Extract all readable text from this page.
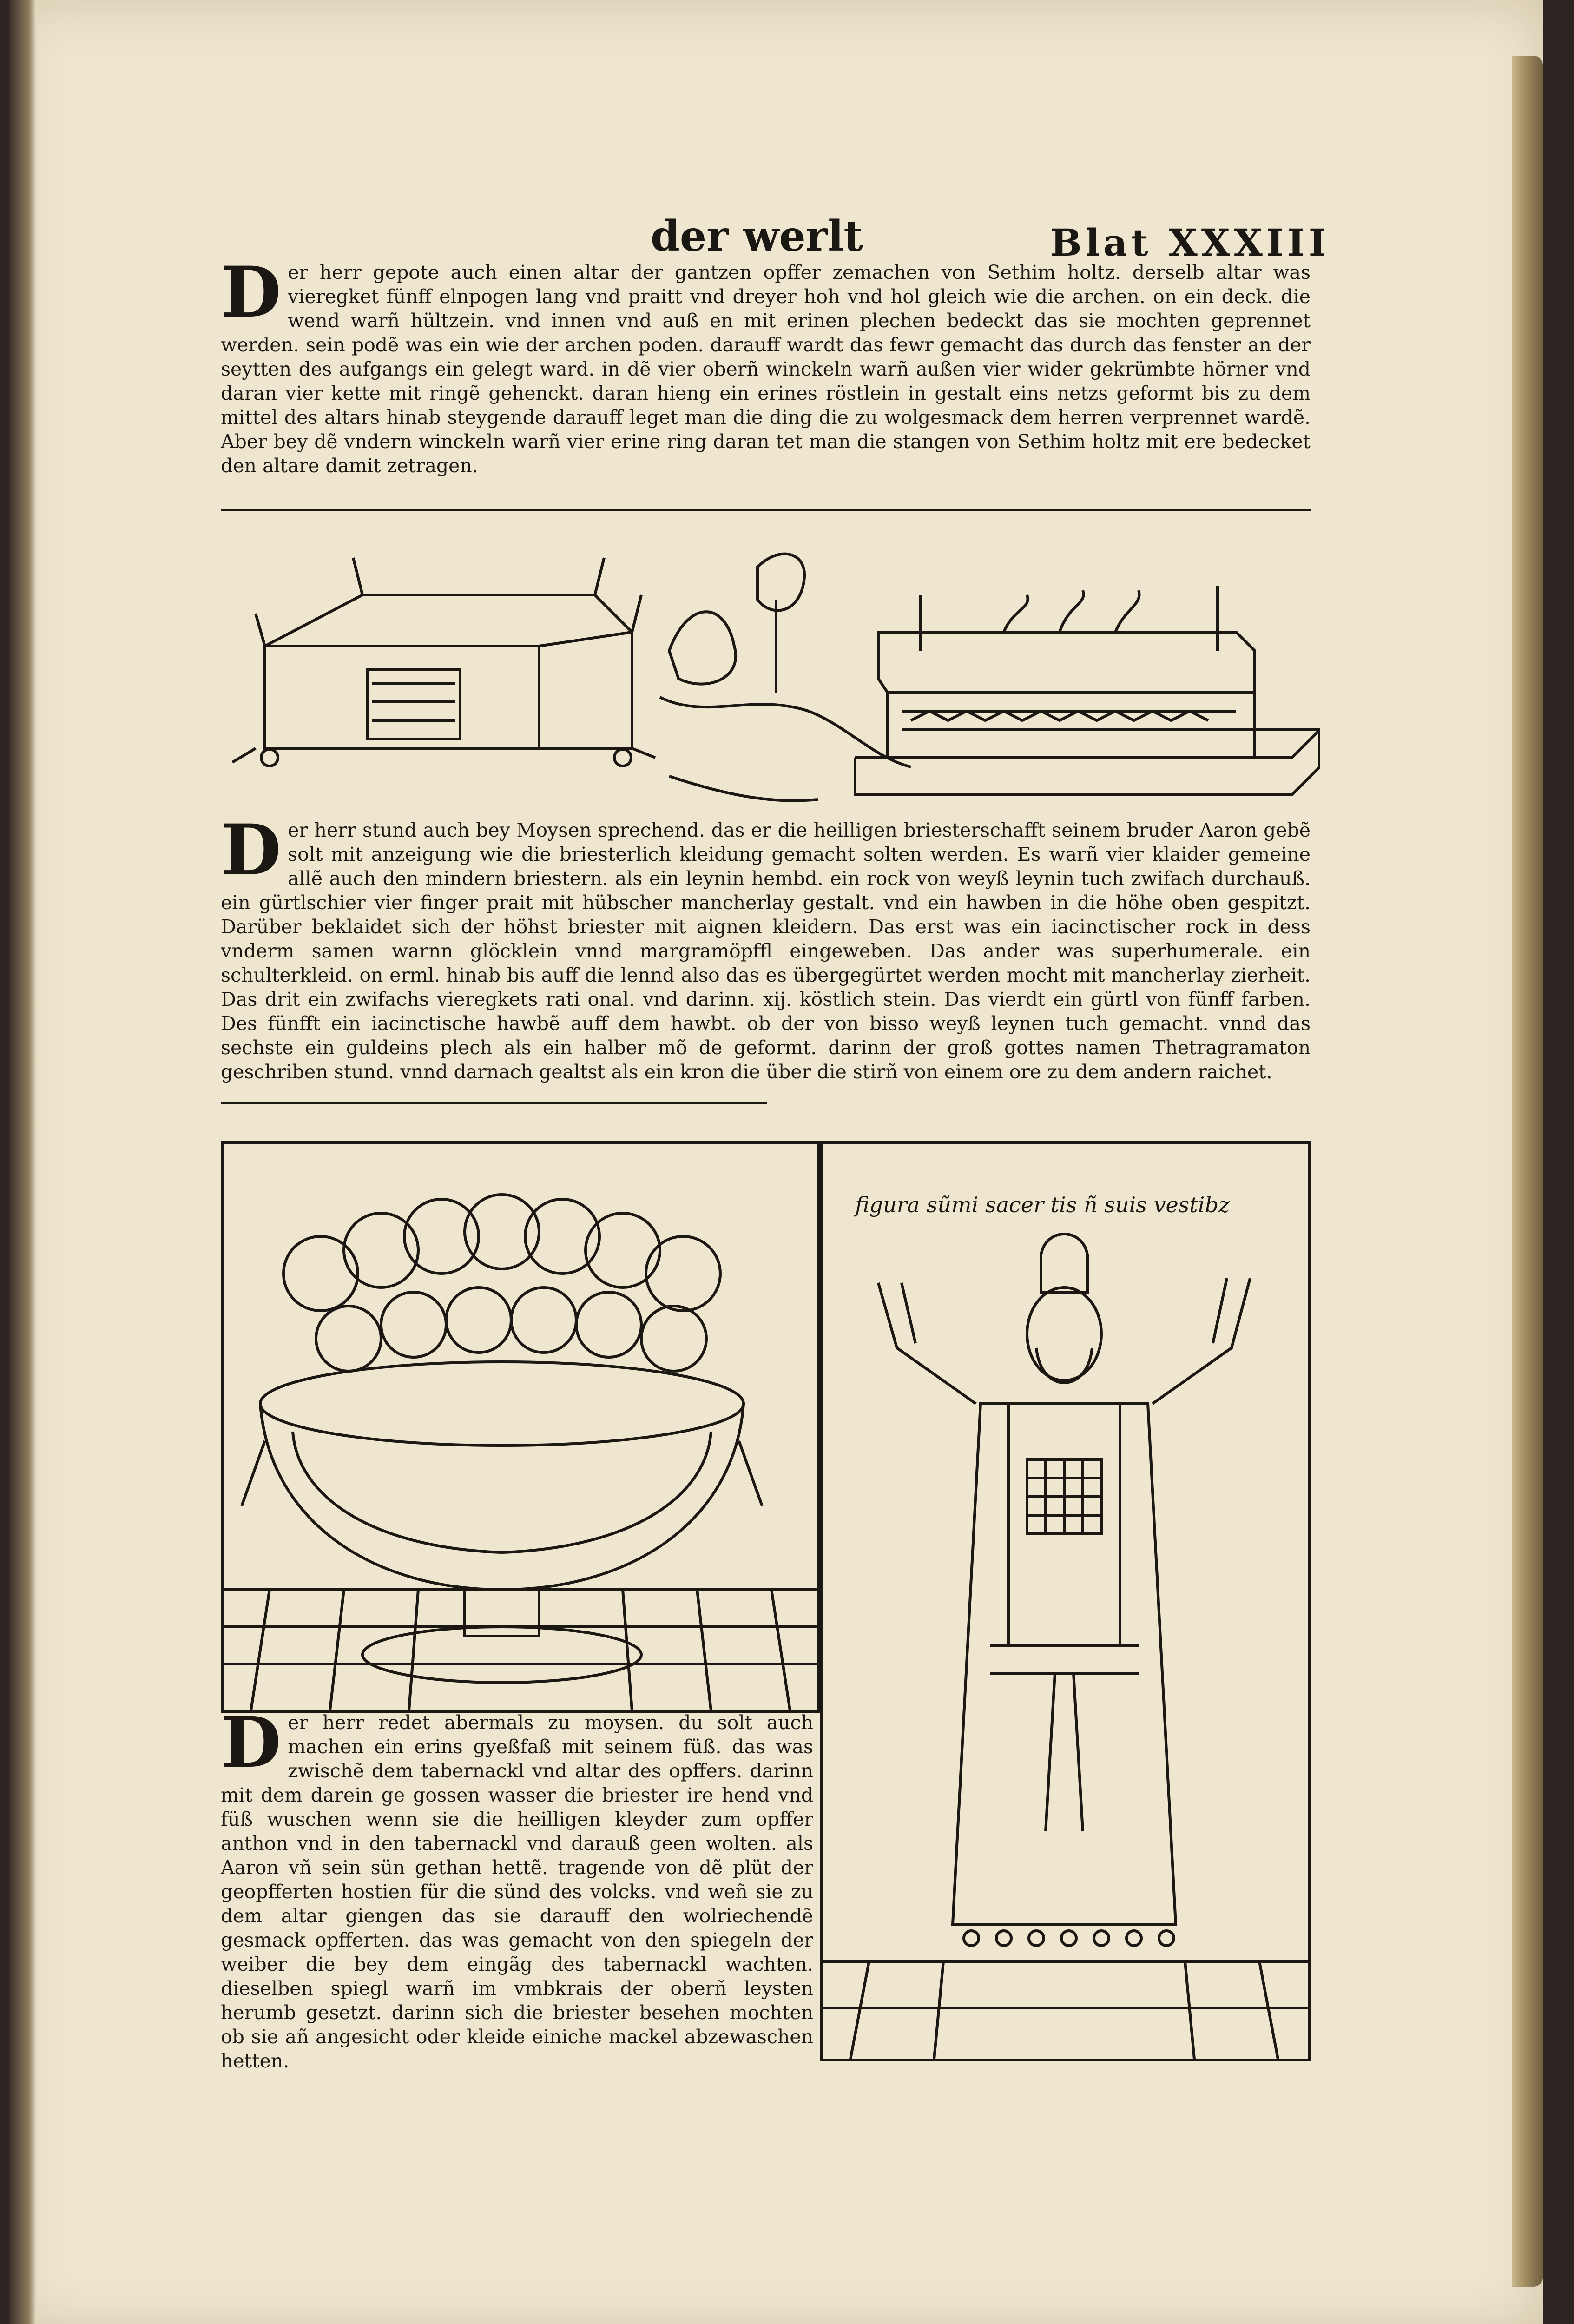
der werlt	Blat XXXIII
D er herr gepote auch einen altar der gantzen opffer zemachen von Sethim holtz. derselb altar was vieregket fünff elnpogen lang vnd praitt vnd dreyer hoh vnd hol gleich wie die archen. on ein deck. die wend warñ hültzein. vnd innen vnd auß en mit erinen plechen bedeckt das sie mochten geprennet werden. sein podẽ was ein wie der archen poden. darauff wardt das fewr gemacht das durch das fenster an der seytten des aufgangs ein gelegt ward. in dẽ vier oberñ winckeln warñ außen vier wider gekrümbte hörner vnd daran vier kette mit ringẽ gehenckt. daran hieng ein erines röstlein in gestalt eins netzs geformt bis zu dem mittel des altars hinab steygende darauff leget man die ding die zu wolgesmack dem herren verprennet wardẽ. Aber bey dẽ vndern winckeln warñ vier erine ring daran tet man die stangen von Sethim holtz mit ere bedecket den altare damit zetragen.

D er herr stund auch bey Moysen sprechend. das er die heilligen briesterschafft seinem bruder Aaron gebẽ solt mit anzeigung wie die briesterlich kleidung gemacht solten werden. Es warñ vier klaider gemeine allẽ auch den mindern briestern. als ein leynin hembd. ein rock von weyß leynin tuch zwifach durchauß. ein gürtlschier vier finger prait mit hübscher mancherlay gestalt. vnd ein hawben in die höhe oben gespitzt. Darüber beklaidet sich der höhst briester mit aignen kleidern. Das erst was ein iacinctischer rock in dess vnderm samen warnn glöcklein vnnd margramöpffl eingeweben. Das ander was superhumerale. ein schulterkleid. on erml. hinab bis auff die lennd also das es übergegürtet werden mocht mit mancherlay zierheit. Das drit ein zwifachs vieregkets rati onal. vnd darinn. xij. köstlich stein. Das vierdt ein gürtl von fünff farben. Des fünfft ein iacinctische hawbẽ auff dem hawbt. ob der von bisso weyß leynen tuch gemacht. vnnd das sechste ein guldeins plech als ein halber mõ de geformt. darinn der groß gottes namen Thetragramaton geschriben stund. vnnd darnach gealtst als ein kron die über die stirñ von einem ore zu dem andern raichet.

D er herr redet abermals zu moysen. du solt auch machen ein erins gyeßfaß mit seinem füß. das was zwischẽ dem tabernackl vnd altar des opffers. darinn mit dem darein ge gossen wasser die briester ire hend vnd füß wuschen wenn sie die heilligen kleyder zum opffer anthon vnd in den tabernackl vnd darauß geen wolten. als Aaron vñ sein sün gethan hettẽ. tragende von dẽ plüt der geopfferten hostien für die sünd des volcks. vnd weñ sie zu dem altar giengen das sie darauff den wolriechendẽ gesmack opfferten. das was gemacht von den spiegeln der weiber die bey dem eingãg des tabernackl wachten. dieselben spiegl warñ im vmbkrais der oberñ leysten herumb gesetzt. darinn sich die briester besehen mochten ob sie añ angesicht oder kleide einiche mackel abzewaschen hetten.

figura sũmi sacer tis ñ suis vestibz
